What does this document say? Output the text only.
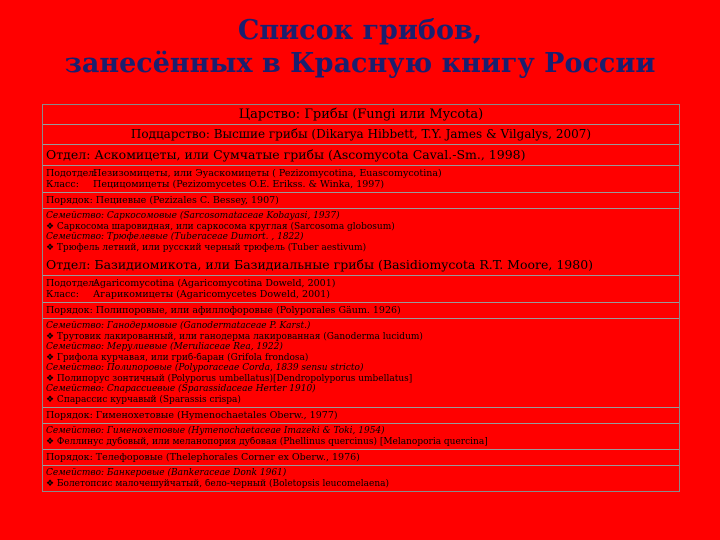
Список грибов,
занесённых в Красную книгу России
Царство: Грибы (Fungi или Mycota)
Подцарство: Высшие грибы (Dikarya Hibbett, T.Y. James & Vilgalys, 2007)
Отдел: Аскомицеты, или Сумчатые грибы (Ascomycota Caval.-Sm., 1998)
Подотдел: Пезизомицеты, или Эуаскомицеты ( Pezizomycotina, Euascomycotina)
Класс: Пецицомицеты (Pezizomycetes O.E. Erikss. & Winka, 1997)
Порядок: Пециевые (Pezizales C. Bessey, 1907)
Семейство: Саркосомовые (Sarcosomataceae Kobayasi, 1937)
❖ Саркосома шаровидная, или саркосома круглая (Sarcosoma globosum)
Семейство: Трюфелевые (Tuberaceae Dumort. , 1822)
❖ Трюфель летний, или русский черный трюфель (Tuber aestivum)
Отдел: Базидиомикота, или Базидиальные грибы (Basidiomycota R.T. Moore, 1980)
Подотдел: Agaricomycotina (Agaricomycotina Doweld, 2001)
Класс: Агарикомицеты (Agaricomycetes Doweld, 2001)
Порядок: Полипоровые, или афиллофоровые (Polyporales Gäum. 1926)
Семейство: Ганодермовые (Ganodermataceae P. Karst.)
❖ Трутовик лакированный, или ганодерма лакированная (Ganoderma lucidum)
Семейство: Мерулиевые (Meruliaceae Rea, 1922)
❖ Грифола курчавая, или гриб-баран (Grifola frondosa)
Семейство: Полипоровые (Polyporaceae Corda, 1839 sensu stricto)
❖ Полипорус зонтичный (Polyporus umbellatus)[Dendropolyporus umbellatus]
Семейство: Спарассиевые (Sparassidaceae Herter 1910)
❖ Спарассис курчавый (Sparassis crispa)
Порядок: Гименохетовые (Hymenochaetales Oberw., 1977)
Семейство: Гименохетовые (Hymenochaetaceae Imazeki & Toki, 1954)
❖ Феллинус дубовый, или меланопория дубовая (Phellinus quercinus) [Melanoporia quercina]
Порядок: Телефоровые (Thelephorales Corner ex Oberw., 1976)
Семейство: Банкеровые (Bankeraceae Donk 1961)
❖ Болетопсис малочешуйчатый, бело-черный (Boletopsis leucomelaena)
